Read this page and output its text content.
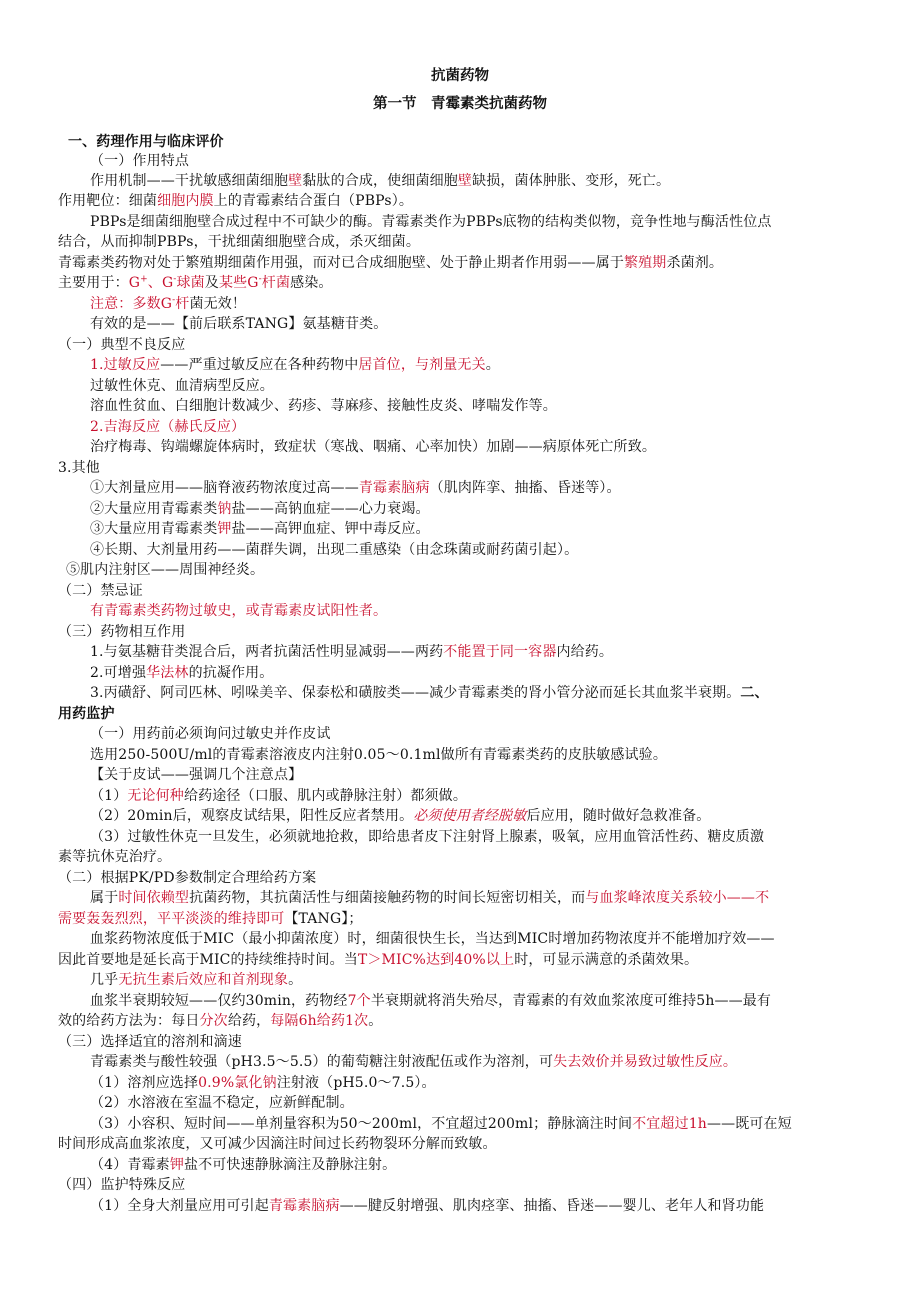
抗菌药物
第一节　青霉素类抗菌药物
一、药理作用与临床评价
（一）作用特点
作用机制——干扰敏感细菌细胞壁黏肽的合成，使细菌细胞壁缺损，菌体肿胀、变形，死亡。
作用靶位：细菌细胞内膜上的青霉素结合蛋白（PBPs）。
PBPs是细菌细胞壁合成过程中不可缺少的酶。青霉素类作为PBPs底物的结构类似物，竞争性地与酶活性位点
结合，从而抑制PBPs，干扰细菌细胞壁合成，杀灭细菌。
青霉素类药物对处于繁殖期细菌作用强，而对已合成细胞壁、处于静止期者作用弱——属于繁殖期杀菌剂。
主要用于：G+、G-球菌及某些G-杆菌感染。
注意：多数G-杆菌无效！
有效的是——【前后联系TANG】氨基糖苷类。
（一）典型不良反应
1.过敏反应——严重过敏反应在各种药物中居首位，与剂量无关。
过敏性休克、血清病型反应。
溶血性贫血、白细胞计数减少、药疹、荨麻疹、接触性皮炎、哮喘发作等。
2.吉海反应（赫氏反应）
治疗梅毒、钩端螺旋体病时，致症状（寒战、咽痛、心率加快）加剧——病原体死亡所致。
3.其他
①大剂量应用——脑脊液药物浓度过高——青霉素脑病（肌肉阵挛、抽搐、昏迷等）。
②大量应用青霉素类钠盐——高钠血症——心力衰竭。
③大量应用青霉素类钾盐——高钾血症、钾中毒反应。
④长期、大剂量用药——菌群失调，出现二重感染（由念珠菌或耐药菌引起）。
⑤肌内注射区——周围神经炎。
（二）禁忌证
有青霉素类药物过敏史，或青霉素皮试阳性者。
（三）药物相互作用
1.与氨基糖苷类混合后，两者抗菌活性明显减弱——两药不能置于同一容器内给药。
2.可增强华法林的抗凝作用。
3.丙磺舒、阿司匹林、吲哚美辛、保泰松和磺胺类——减少青霉素类的肾小管分泌而延长其血浆半衰期。二、
用药监护
（一）用药前必须询问过敏史并作皮试
选用250-500U/ml的青霉素溶液皮内注射0.05～0.1ml做所有青霉素类药的皮肤敏感试验。
【关于皮试——强调几个注意点】
（1）无论何种给药途径（口服、肌内或静脉注射）都须做。
（2）20min后，观察皮试结果，阳性反应者禁用。必须使用者经脱敏后应用，随时做好急救准备。
（3）过敏性休克一旦发生，必须就地抢救，即给患者皮下注射肾上腺素，吸氧，应用血管活性药、糖皮质激
素等抗休克治疗。
（二）根据PK/PD参数制定合理给药方案
属于时间依赖型抗菌药物，其抗菌活性与细菌接触药物的时间长短密切相关，而与血浆峰浓度关系较小——不
需要轰轰烈烈，平平淡淡的维持即可【TANG】；
血浆药物浓度低于MIC（最小抑菌浓度）时，细菌很快生长，当达到MIC时增加药物浓度并不能增加疗效——
因此首要地是延长高于MIC的持续维持时间。当T＞MIC%达到40%以上时，可显示满意的杀菌效果。
几乎无抗生素后效应和首剂现象。
血浆半衰期较短——仅约30min，药物经7个半衰期就将消失殆尽，青霉素的有效血浆浓度可维持5h——最有
效的给药方法为：每日分次给药，每隔6h给药1次。
（三）选择适宜的溶剂和滴速
青霉素类与酸性较强（pH3.5～5.5）的葡萄糖注射液配伍或作为溶剂，可失去效价并易致过敏性反应。
（1）溶剂应选择0.9%氯化钠注射液（pH5.0～7.5）。
（2）水溶液在室温不稳定，应新鲜配制。
（3）小容积、短时间——单剂量容积为50～200ml，不宜超过200ml；静脉滴注时间不宜超过1h——既可在短
时间形成高血浆浓度，又可减少因滴注时间过长药物裂环分解而致敏。
（4）青霉素钾盐不可快速静脉滴注及静脉注射。
（四）监护特殊反应
（1）全身大剂量应用可引起青霉素脑病——腱反射增强、肌肉痉挛、抽搐、昏迷——婴儿、老年人和肾功能
